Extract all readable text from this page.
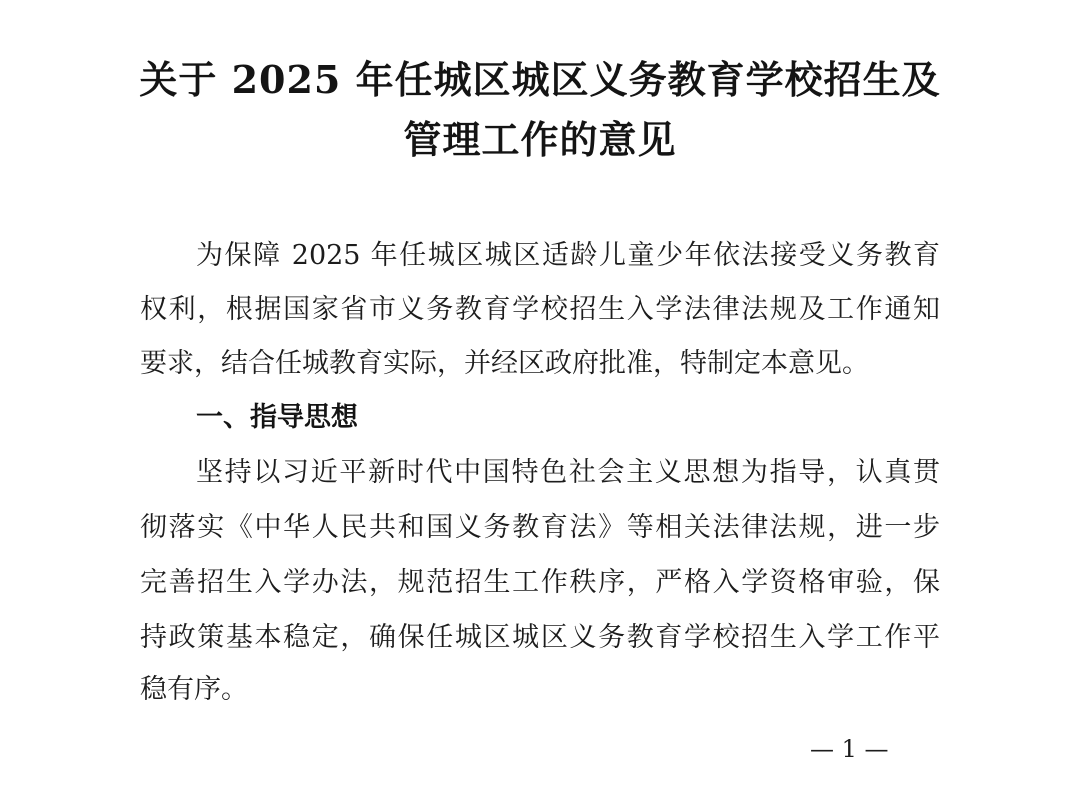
关于 2025 年任城区城区义务教育学校招生及
管理工作的意见
为保障 2025 年任城区城区适龄儿童少年依法接受义务教育
权利，根据国家省市义务教育学校招生入学法律法规及工作通知
要求，结合任城教育实际，并经区政府批准，特制定本意见。
一、指导思想
坚持以习近平新时代中国特色社会主义思想为指导，认真贯
彻落实《中华人民共和国义务教育法》等相关法律法规，进一步
完善招生入学办法，规范招生工作秩序，严格入学资格审验，保
持政策基本稳定，确保任城区城区义务教育学校招生入学工作平
稳有序。
— 1 —
